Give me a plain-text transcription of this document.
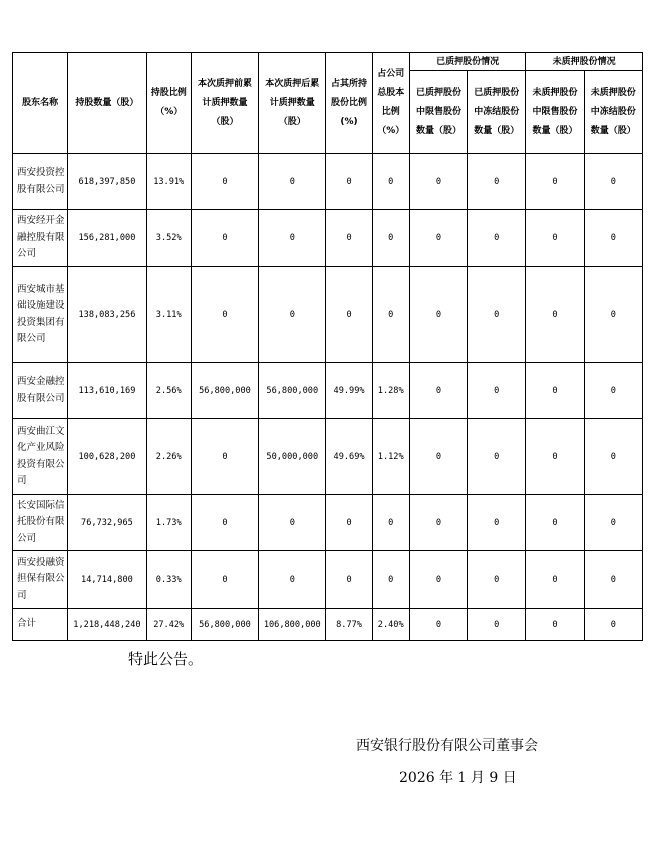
股东名称	持股数量（股）	持股比例（%）	本次质押前累计质押数量（股）	本次质押后累计质押数量（股）	占其所持股份比例(%)	占公司总股本比例（%）	已质押股份情况		未质押股份情况	
							已质押股份中限售股份数量（股）	已质押股份中冻结股份数量（股）	未质押股份中限售股份数量（股）	未质押股份中冻结股份数量（股）
西安投资控股有限公司	618,397,850	13.91%	0	0	0	0	0	0	0	0
西安经开金融控股有限公司	156,281,000	3.52%	0	0	0	0	0	0	0	0
西安城市基础设施建设投资集团有限公司	138,083,256	3.11%	0	0	0	0	0	0	0	0
西安金融控股有限公司	113,610,169	2.56%	56,800,000	56,800,000	49.99%	1.28%	0	0	0	0
西安曲江文化产业风险投资有限公司	100,628,200	2.26%	0	50,000,000	49.69%	1.12%	0	0	0	0
长安国际信托股份有限公司	76,732,965	1.73%	0	0	0	0	0	0	0	0
西安投融资担保有限公司	14,714,800	0.33%	0	0	0	0	0	0	0	0
合计	1,218,448,240	27.42%	56,800,000	106,800,000	8.77%	2.40%	0	0	0	0
特此公告。
西安银行股份有限公司董事会
2026 年 1 月 9 日
